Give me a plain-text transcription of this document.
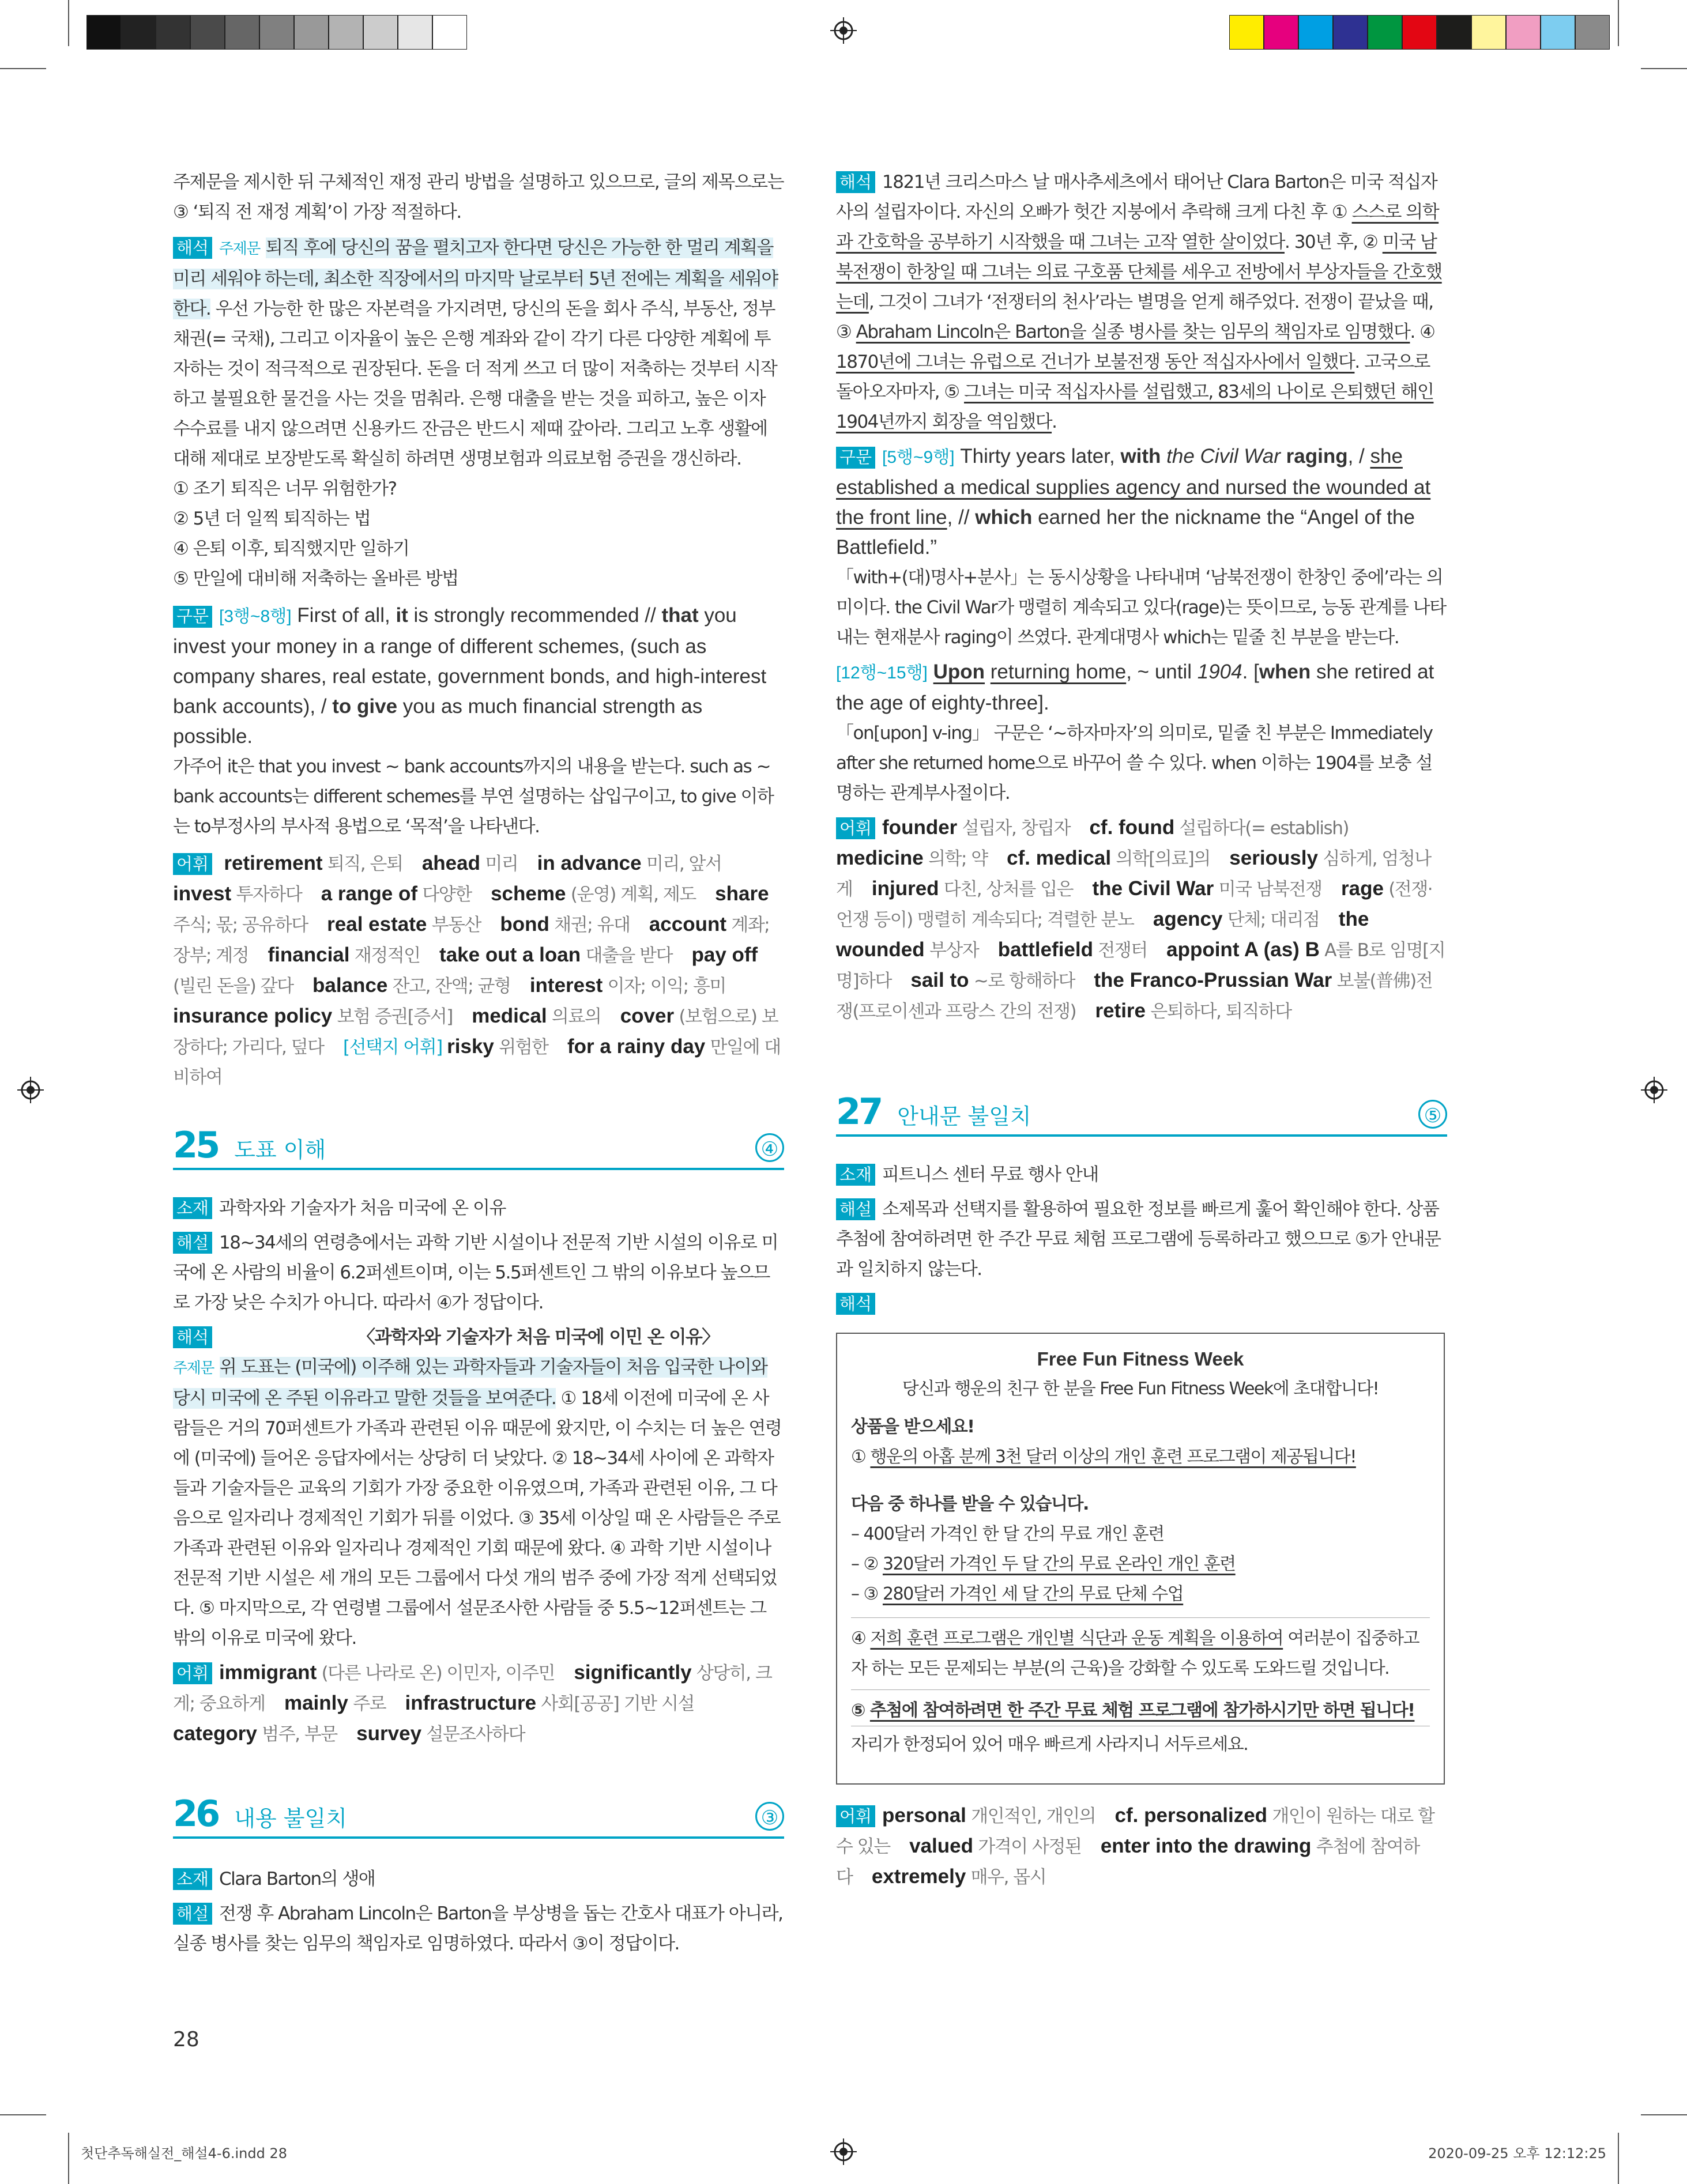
주제문을 제시한 뒤 구체적인 재정 관리 방법을 설명하고 있으므로, 글의 제목으로는 ③ ‘퇴직 전 재정 계획’이 가장 적절하다.

해석 주제문 퇴직 후에 당신의 꿈을 펼치고자 한다면 당신은 가능한 한 멀리 계획을 미리 세워야 하는데, 최소한 직장에서의 마지막 날로부터 5년 전에는 계획을 세워야 한다. 우선 가능한 한 많은 자본력을 가지려면, 당신의 돈을 회사 주식, 부동산, 정부 채권(= 국채), 그리고 이자율이 높은 은행 계좌와 같이 각기 다른 다양한 계획에 투자하는 것이 적극적으로 권장된다. 돈을 더 적게 쓰고 더 많이 저축하는 것부터 시작하고 불필요한 물건을 사는 것을 멈춰라. 은행 대출을 받는 것을 피하고, 높은 이자 수수료를 내지 않으려면 신용카드 잔금은 반드시 제때 갚아라. 그리고 노후 생활에 대해 제대로 보장받도록 확실히 하려면 생명보험과 의료보험 증권을 갱신하라.

① 조기 퇴직은 너무 위험한가?

② 5년 더 일찍 퇴직하는 법

④ 은퇴 이후, 퇴직했지만 일하기

⑤ 만일에 대비해 저축하는 올바른 방법

구문 [3행~8행] First of all, it is strongly recommended // that you invest your money in a range of different schemes, (such as company shares, real estate, government bonds, and high-interest bank accounts), / to give you as much financial strength as possible.

가주어 it은 that you invest ~ bank accounts까지의 내용을 받는다. such as ~ bank accounts는 different schemes를 부연 설명하는 삽입구이고, to give 이하는 to부정사의 부사적 용법으로 ‘목적’을 나타낸다.

어휘 retirement 퇴직, 은퇴    ahead 미리    in advance 미리, 앞서    invest 투자하다    a range of 다양한    scheme (운영) 계획, 제도    share 주식; 몫; 공유하다    real estate 부동산    bond 채권; 유대    account 계좌; 장부; 계정    financial 재정적인    take out a loan 대출을 받다    pay off (빌린 돈을) 갚다    balance 잔고, 잔액; 균형    interest 이자; 이익; 흥미    insurance policy 보험 증권[증서]    medical 의료의    cover (보험으로) 보장하다; 가리다, 덮다    [선택지 어휘] risky 위험한    for a rainy day 만일에 대비하여

25 도표 이해	④

소재 과학자와 기술자가 처음 미국에 온 이유

해설 18~34세의 연령층에서는 과학 기반 시설이나 전문적 기반 시설의 이유로 미국에 온 사람의 비율이 6.2퍼센트이며, 이는 5.5퍼센트인 그 밖의 이유보다 높으므로 가장 낮은 수치가 아니다. 따라서 ④가 정답이다.

해석	〈과학자와 기술자가 처음 미국에 이민 온 이유〉

주제문 위 도표는 (미국에) 이주해 있는 과학자들과 기술자들이 처음 입국한 나이와 당시 미국에 온 주된 이유라고 말한 것들을 보여준다. ① 18세 이전에 미국에 온 사람들은 거의 70퍼센트가 가족과 관련된 이유 때문에 왔지만, 이 수치는 더 높은 연령에 (미국에) 들어온 응답자에서는 상당히 더 낮았다. ② 18~34세 사이에 온 과학자들과 기술자들은 교육의 기회가 가장 중요한 이유였으며, 가족과 관련된 이유, 그 다음으로 일자리나 경제적인 기회가 뒤를 이었다. ③ 35세 이상일 때 온 사람들은 주로 가족과 관련된 이유와 일자리나 경제적인 기회 때문에 왔다. ④ 과학 기반 시설이나 전문적 기반 시설은 세 개의 모든 그룹에서 다섯 개의 범주 중에 가장 적게 선택되었다. ⑤ 마지막으로, 각 연령별 그룹에서 설문조사한 사람들 중 5.5~12퍼센트는 그 밖의 이유로 미국에 왔다.

어휘 immigrant (다른 나라로 온) 이민자, 이주민    significantly 상당히, 크게; 중요하게    mainly 주로    infrastructure 사회[공공] 기반 시설    category 범주, 부문    survey 설문조사하다

26 내용 불일치	③

소재 Clara Barton의 생애

해설 전쟁 후 Abraham Lincoln은 Barton을 부상병을 돕는 간호사 대표가 아니라, 실종 병사를 찾는 임무의 책임자로 임명하였다. 따라서 ③이 정답이다.

28

해석 1821년 크리스마스 날 매사추세츠에서 태어난 Clara Barton은 미국 적십자사의 설립자이다. 자신의 오빠가 헛간 지붕에서 추락해 크게 다친 후 ① 스스로 의학과 간호학을 공부하기 시작했을 때 그녀는 고작 열한 살이었다. 30년 후, ② 미국 남북전쟁이 한창일 때 그녀는 의료 구호품 단체를 세우고 전방에서 부상자들을 간호했는데, 그것이 그녀가 ‘전쟁터의 천사’라는 별명을 얻게 해주었다. 전쟁이 끝났을 때, ③ Abraham Lincoln은 Barton을 실종 병사를 찾는 임무의 책임자로 임명했다. ④ 1870년에 그녀는 유럽으로 건너가 보불전쟁 동안 적십자사에서 일했다. 고국으로 돌아오자마자, ⑤ 그녀는 미국 적십자사를 설립했고, 83세의 나이로 은퇴했던 해인 1904년까지 회장을 역임했다.

구문 [5행~9행] Thirty years later, with the Civil War raging, / she established a medical supplies agency and nursed the wounded at the front line, // which earned her the nickname the “Angel of the Battlefield.”

「with+(대)명사+분사」는 동시상황을 나타내며 ‘남북전쟁이 한창인 중에’라는 의미이다. the Civil War가 맹렬히 계속되고 있다(rage)는 뜻이므로, 능동 관계를 나타내는 현재분사 raging이 쓰였다. 관계대명사 which는 밑줄 친 부분을 받는다.

[12행~15행] Upon returning home, ~ until 1904. [when she retired at the age of eighty-three].

「on[upon] v-ing」 구문은 ‘~하자마자’의 의미로, 밑줄 친 부분은 Immediately after she returned home으로 바꾸어 쓸 수 있다. when 이하는 1904를 보충 설명하는 관계부사절이다.

어휘 founder 설립자, 창립자    cf. found 설립하다(= establish)    medicine 의학; 약    cf. medical 의학[의료]의    seriously 심하게, 엄청나게    injured 다친, 상처를 입은    the Civil War 미국 남북전쟁    rage (전쟁·언쟁 등이) 맹렬히 계속되다; 격렬한 분노    agency 단체; 대리점    the wounded 부상자    battlefield 전쟁터    appoint A (as) B A를 B로 임명[지명]하다    sail to ~로 항해하다    the Franco-Prussian War 보불(普佛)전쟁(프로이센과 프랑스 간의 전쟁)    retire 은퇴하다, 퇴직하다

27 안내문 불일치	⑤

소재 피트니스 센터 무료 행사 안내

해설 소제목과 선택지를 활용하여 필요한 정보를 빠르게 훑어 확인해야 한다. 상품 추첨에 참여하려면 한 주간 무료 체험 프로그램에 등록하라고 했으므로 ⑤가 안내문과 일치하지 않는다.

해석

Free Fun Fitness Week

당신과 행운의 친구 한 분을 Free Fun Fitness Week에 초대합니다!

상품을 받으세요!

① 행운의 아홉 분께 3천 달러 이상의 개인 훈련 프로그램이 제공됩니다!

다음 중 하나를 받을 수 있습니다.

– 400달러 가격인 한 달 간의 무료 개인 훈련

– ② 320달러 가격인 두 달 간의 무료 온라인 개인 훈련

– ③ 280달러 가격인 세 달 간의 무료 단체 수업

④ 저희 훈련 프로그램은 개인별 식단과 운동 계획을 이용하여 여러분이 집중하고자 하는 모든 문제되는 부분(의 근육)을 강화할 수 있도록 도와드릴 것입니다.

⑤ 추첨에 참여하려면 한 주간 무료 체험 프로그램에 참가하시기만 하면 됩니다!

자리가 한정되어 있어 매우 빠르게 사라지니 서두르세요.

어휘 personal 개인적인, 개인의    cf. personalized 개인이 원하는 대로 할 수 있는    valued 가격이 사정된    enter into the drawing 추첨에 참여하다    extremely 매우, 몹시

첫단추독해실전_해설4-6.indd 28	2020-09-25 오후 12:12:25
